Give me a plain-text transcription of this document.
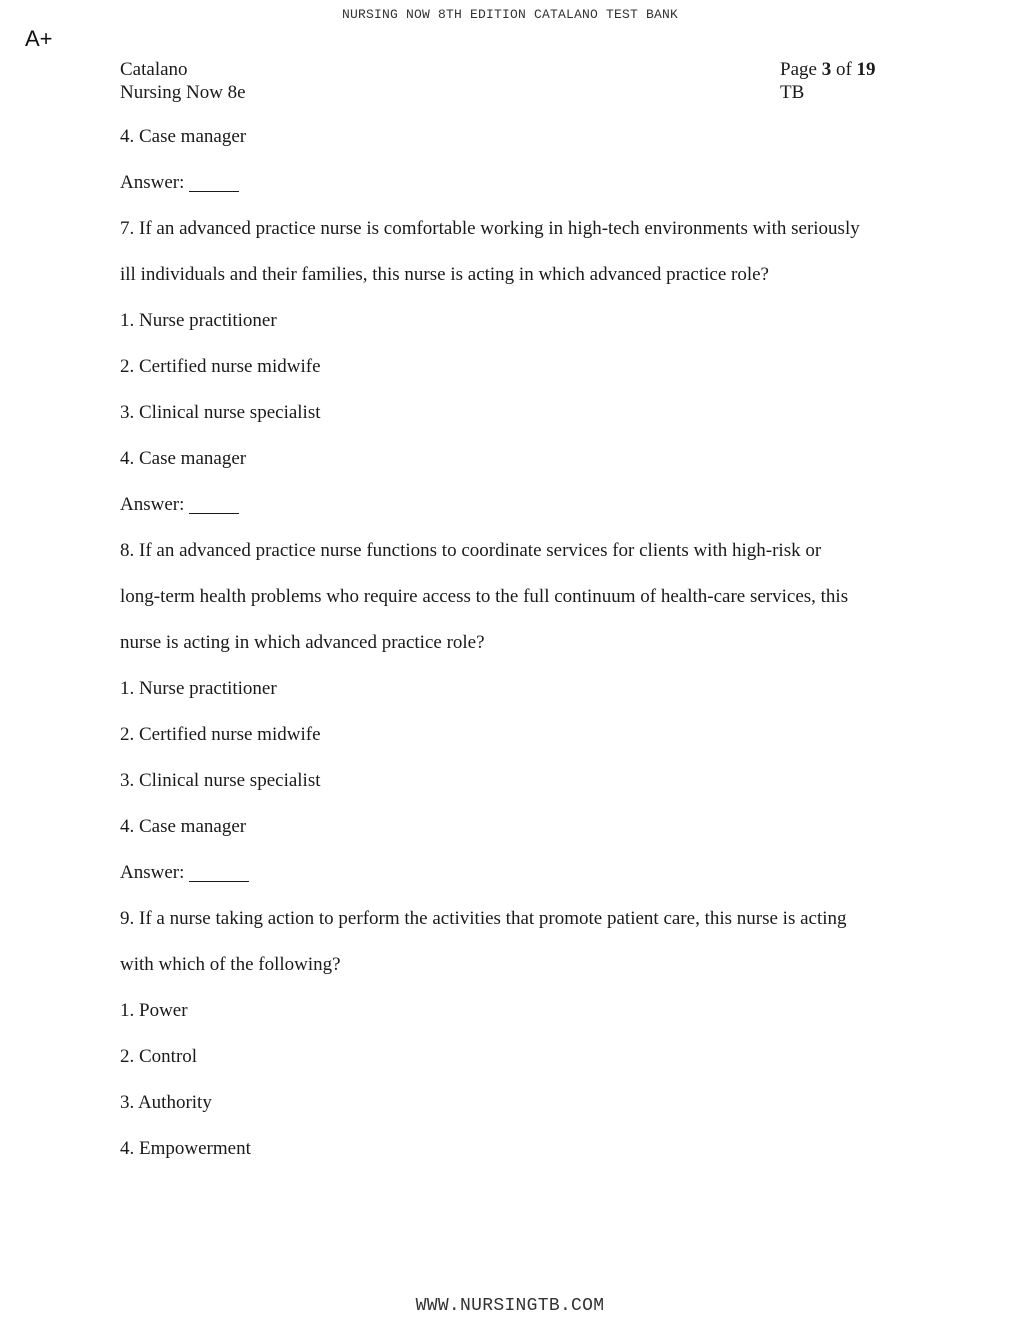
NURSING NOW 8TH EDITION CATALANO TEST BANK
A+
Catalano
Nursing Now 8e
Page 3 of 19
TB
4. Case manager
Answer:
7. If an advanced practice nurse is comfortable working in high-tech environments with seriously
ill individuals and their families, this nurse is acting in which advanced practice role?
1. Nurse practitioner
2. Certified nurse midwife
3. Clinical nurse specialist
4. Case manager
Answer:
8. If an advanced practice nurse functions to coordinate services for clients with high-risk or
long-term health problems who require access to the full continuum of health-care services, this
nurse is acting in which advanced practice role?
1. Nurse practitioner
2. Certified nurse midwife
3. Clinical nurse specialist
4. Case manager
Answer:
9. If a nurse taking action to perform the activities that promote patient care, this nurse is acting
with which of the following?
1. Power
2. Control
3. Authority
4. Empowerment
WWW.NURSINGTB.COM
